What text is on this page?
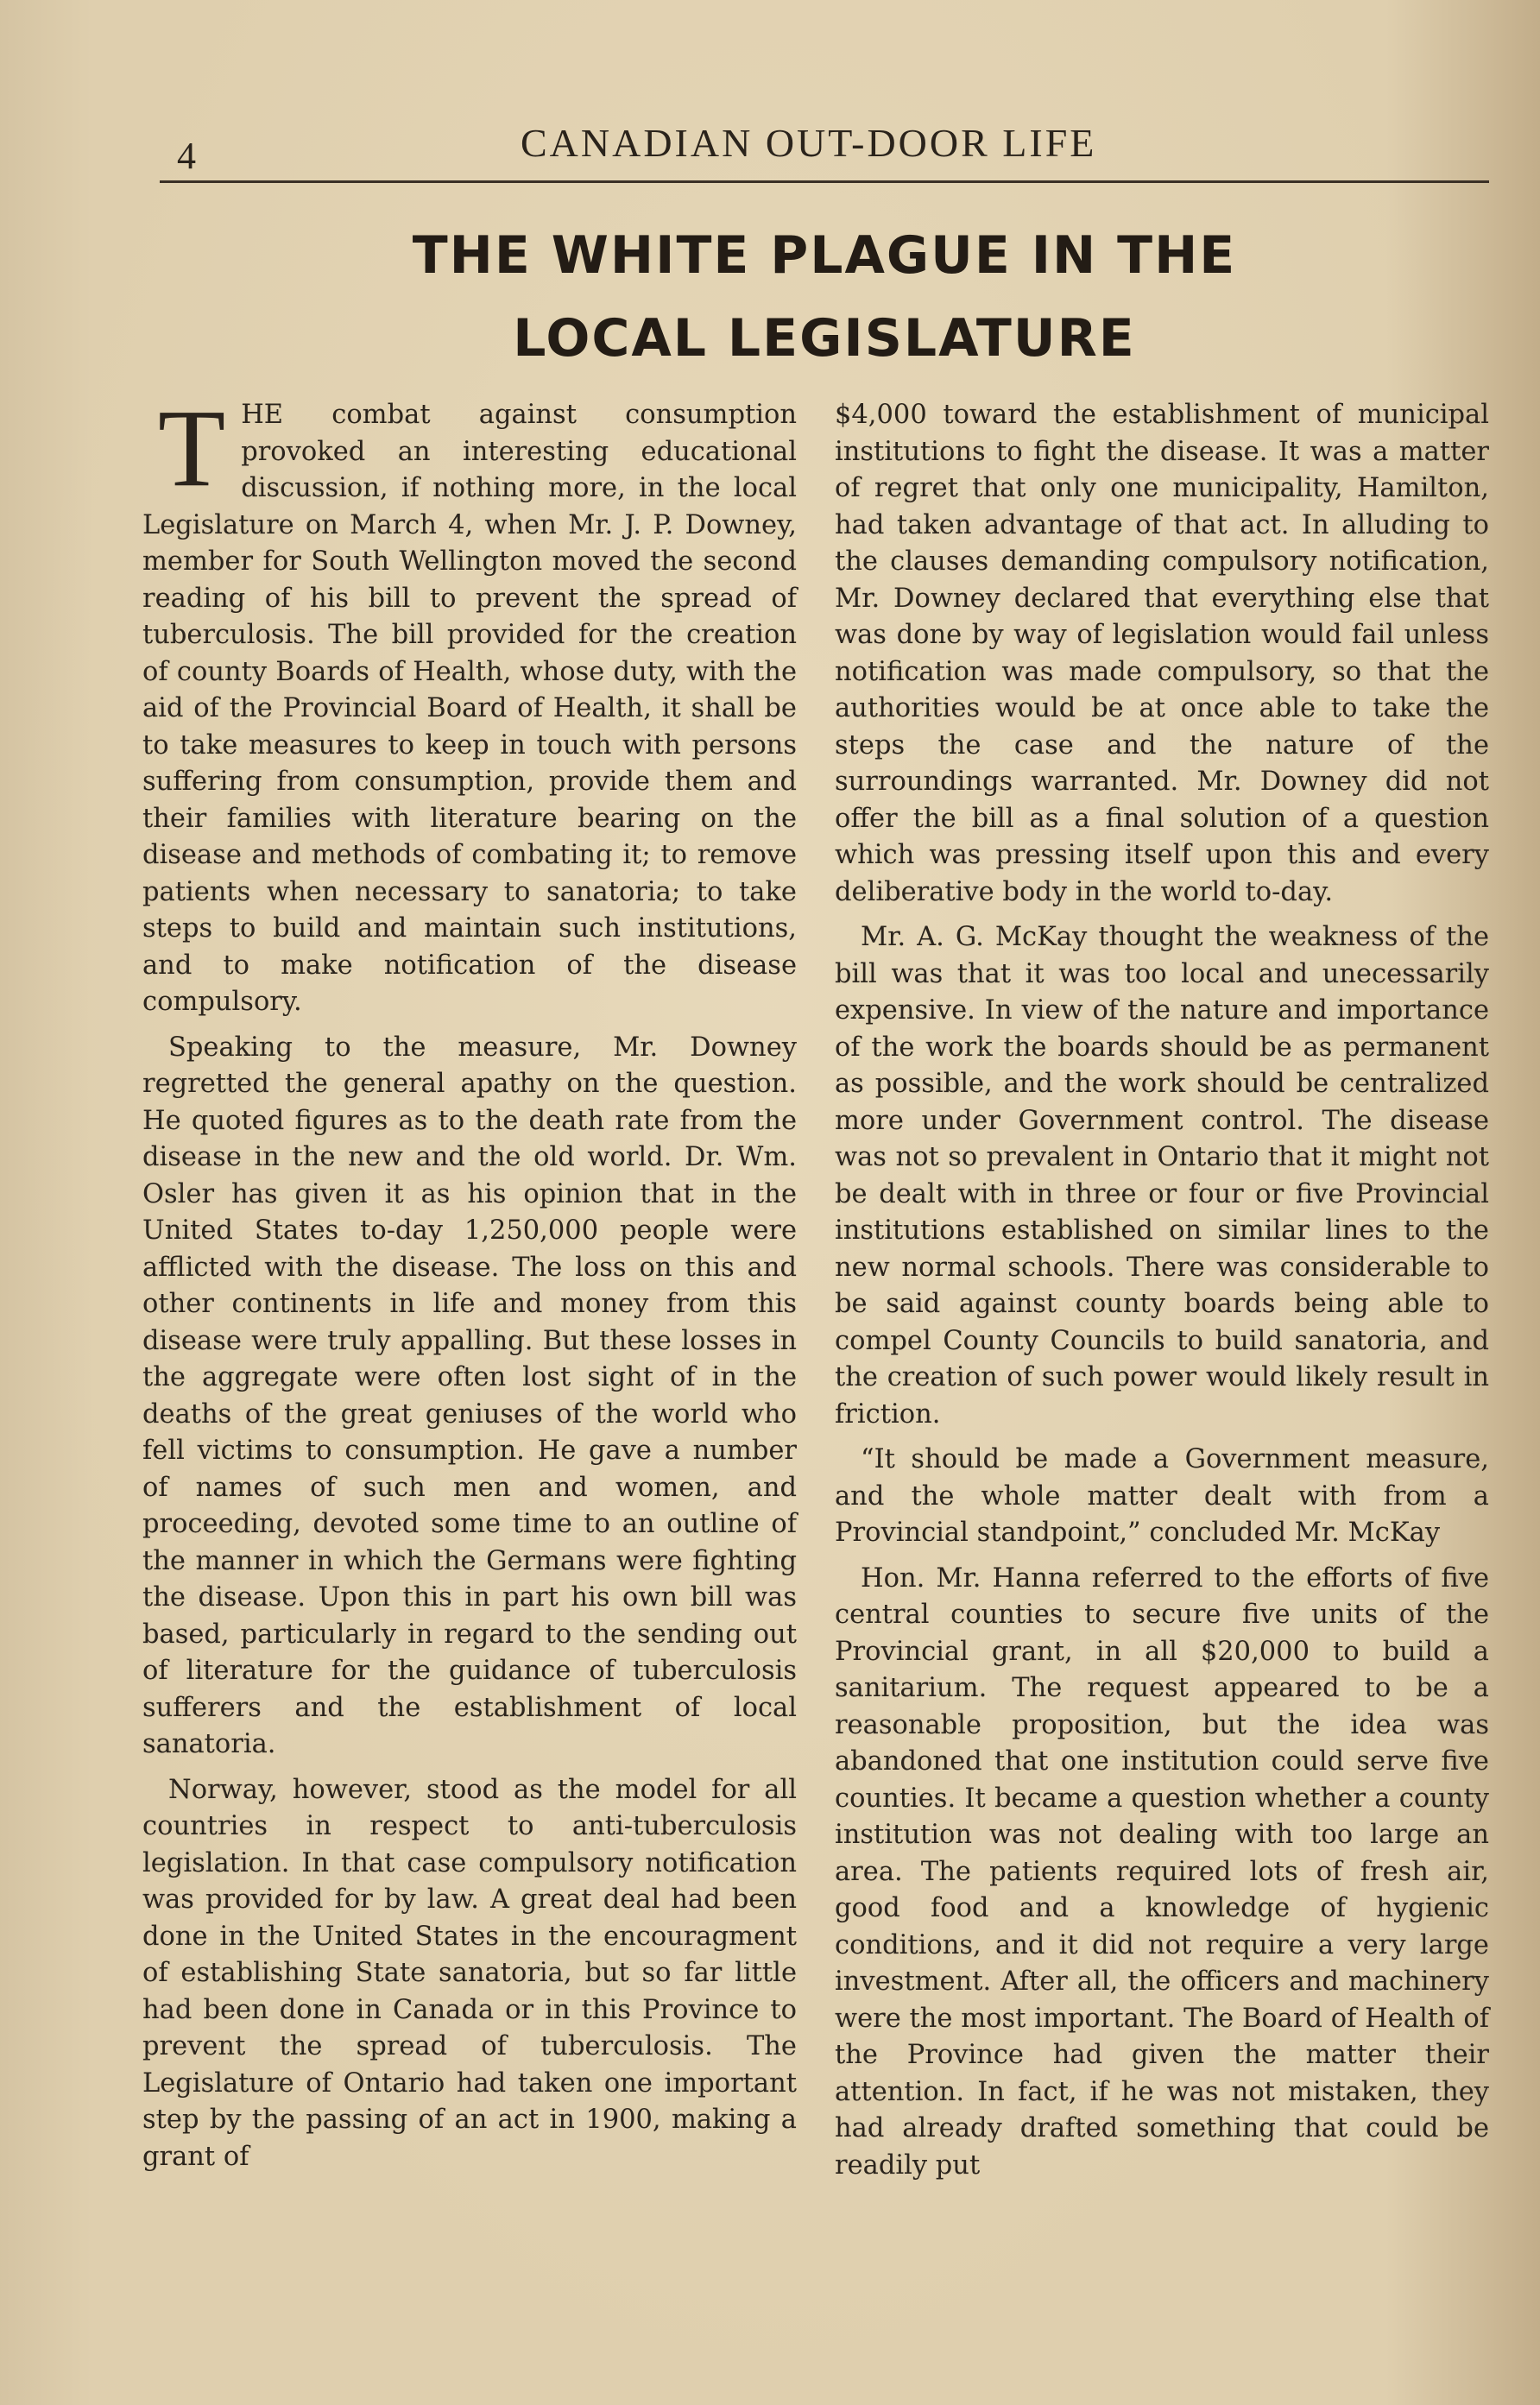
4	CANADIAN OUT-DOOR LIFE
THE WHITE PLAGUE IN THE
LOCAL LEGISLATURE

THE combat against consumption provoked an interesting educational discussion, if nothing more, in the local Legislature on March 4, when Mr. J. P. Downey, member for South Wellington moved the second reading of his bill to prevent the spread of tuberculosis. The bill provided for the creation of county Boards of Health, whose duty, with the aid of the Provincial Board of Health, it shall be to take measures to keep in touch with persons suffering from consumption, provide them and their families with literature bearing on the disease and methods of combating it; to remove patients when necessary to sanatoria; to take steps to build and maintain such institutions, and to make notification of the disease compulsory.

Speaking to the measure, Mr. Downey regretted the general apathy on the question. He quoted figures as to the death rate from the disease in the new and the old world. Dr. Wm. Osler has given it as his opinion that in the United States to-day 1,250,000 people were afflicted with the disease. The loss on this and other continents in life and money from this disease were truly appalling. But these losses in the aggregate were often lost sight of in the deaths of the great geniuses of the world who fell victims to consumption. He gave a number of names of such men and women, and proceeding, devoted some time to an outline of the manner in which the Germans were fighting the disease. Upon this in part his own bill was based, particularly in regard to the sending out of literature for the guidance of tuberculosis sufferers and the establishment of local sanatoria.

Norway, however, stood as the model for all countries in respect to anti-tuberculosis legislation. In that case compulsory notification was provided for by law. A great deal had been done in the United States in the encouragment of establishing State sanatoria, but so far little had been done in Canada or in this Province to prevent the spread of tuberculosis. The Legislature of Ontario had taken one important step by the passing of an act in 1900, making a grant of

$4,000 toward the establishment of municipal institutions to fight the disease. It was a matter of regret that only one municipality, Hamilton, had taken advantage of that act. In alluding to the clauses demanding compulsory notification, Mr. Downey declared that everything else that was done by way of legislation would fail unless notification was made compulsory, so that the authorities would be at once able to take the steps the case and the nature of the surroundings warranted. Mr. Downey did not offer the bill as a final solution of a question which was pressing itself upon this and every deliberative body in the world to-day.

Mr. A. G. McKay thought the weakness of the bill was that it was too local and unecessarily expensive. In view of the nature and importance of the work the boards should be as permanent as possible, and the work should be centralized more under Government control. The disease was not so prevalent in Ontario that it might not be dealt with in three or four or five Provincial institutions established on similar lines to the new normal schools. There was considerable to be said against county boards being able to compel County Councils to build sanatoria, and the creation of such power would likely result in friction.

“It should be made a Government measure, and the whole matter dealt with from a Provincial standpoint,” concluded Mr. McKay

Hon. Mr. Hanna referred to the efforts of five central counties to secure five units of the Provincial grant, in all $20,000 to build a sanitarium. The request appeared to be a reasonable proposition, but the idea was abandoned that one institution could serve five counties. It became a question whether a county institution was not dealing with too large an area. The patients required lots of fresh air, good food and a knowledge of hygienic conditions, and it did not require a very large investment. After all, the officers and machinery were the most important. The Board of Health of the Province had given the matter their attention. In fact, if he was not mistaken, they had already drafted something that could be readily put
